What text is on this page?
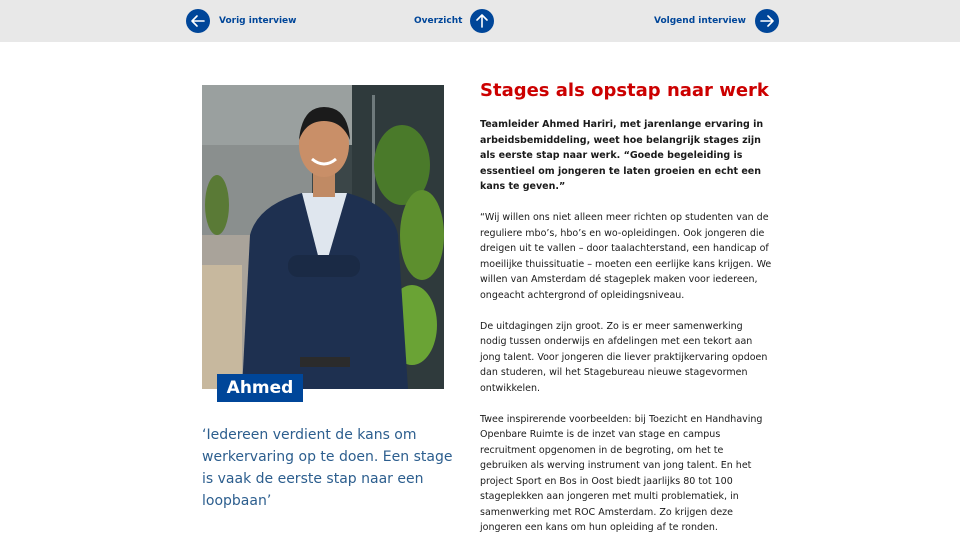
Vorig interview	Overzicht	Volgend interview
Ahmed
‘Iedereen verdient de kans om werkervaring op te doen. Een stage is vaak de eerste stap naar een loopbaan’
Stages als opstap naar werk

Teamleider Ahmed Hariri, met jarenlange ervaring in arbeidsbemiddeling, weet hoe belangrijk stages zijn als eerste stap naar werk. “Goede begeleiding is essentieel om jongeren te laten groeien en echt een kans te geven.”

“Wij willen ons niet alleen meer richten op studenten van de reguliere mbo’s, hbo’s en wo-opleidingen. Ook jongeren die dreigen uit te vallen – door taalachterstand, een handicap of moeilijke thuissituatie – moeten een eerlijke kans krijgen. We willen van Amsterdam dé stageplek maken voor iedereen, ongeacht achtergrond of opleidingsniveau.

De uitdagingen zijn groot. Zo is er meer samenwerking nodig tussen onderwijs en afdelingen met een tekort aan jong talent. Voor jongeren die liever praktijkervaring opdoen dan studeren, wil het Stagebureau nieuwe stagevormen ontwikkelen.

Twee inspirerende voorbeelden: bij Toezicht en Handhaving Openbare Ruimte is de inzet van stage en campus recruitment opgenomen in de begroting, om het te gebruiken als werving instrument van jong talent. En het project Sport en Bos in Oost biedt jaarlijks 80 tot 100 stageplekken aan jongeren met multi problematiek, in samenwerking met ROC Amsterdam. Zo krijgen deze jongeren een kans om hun opleiding af te ronden.
